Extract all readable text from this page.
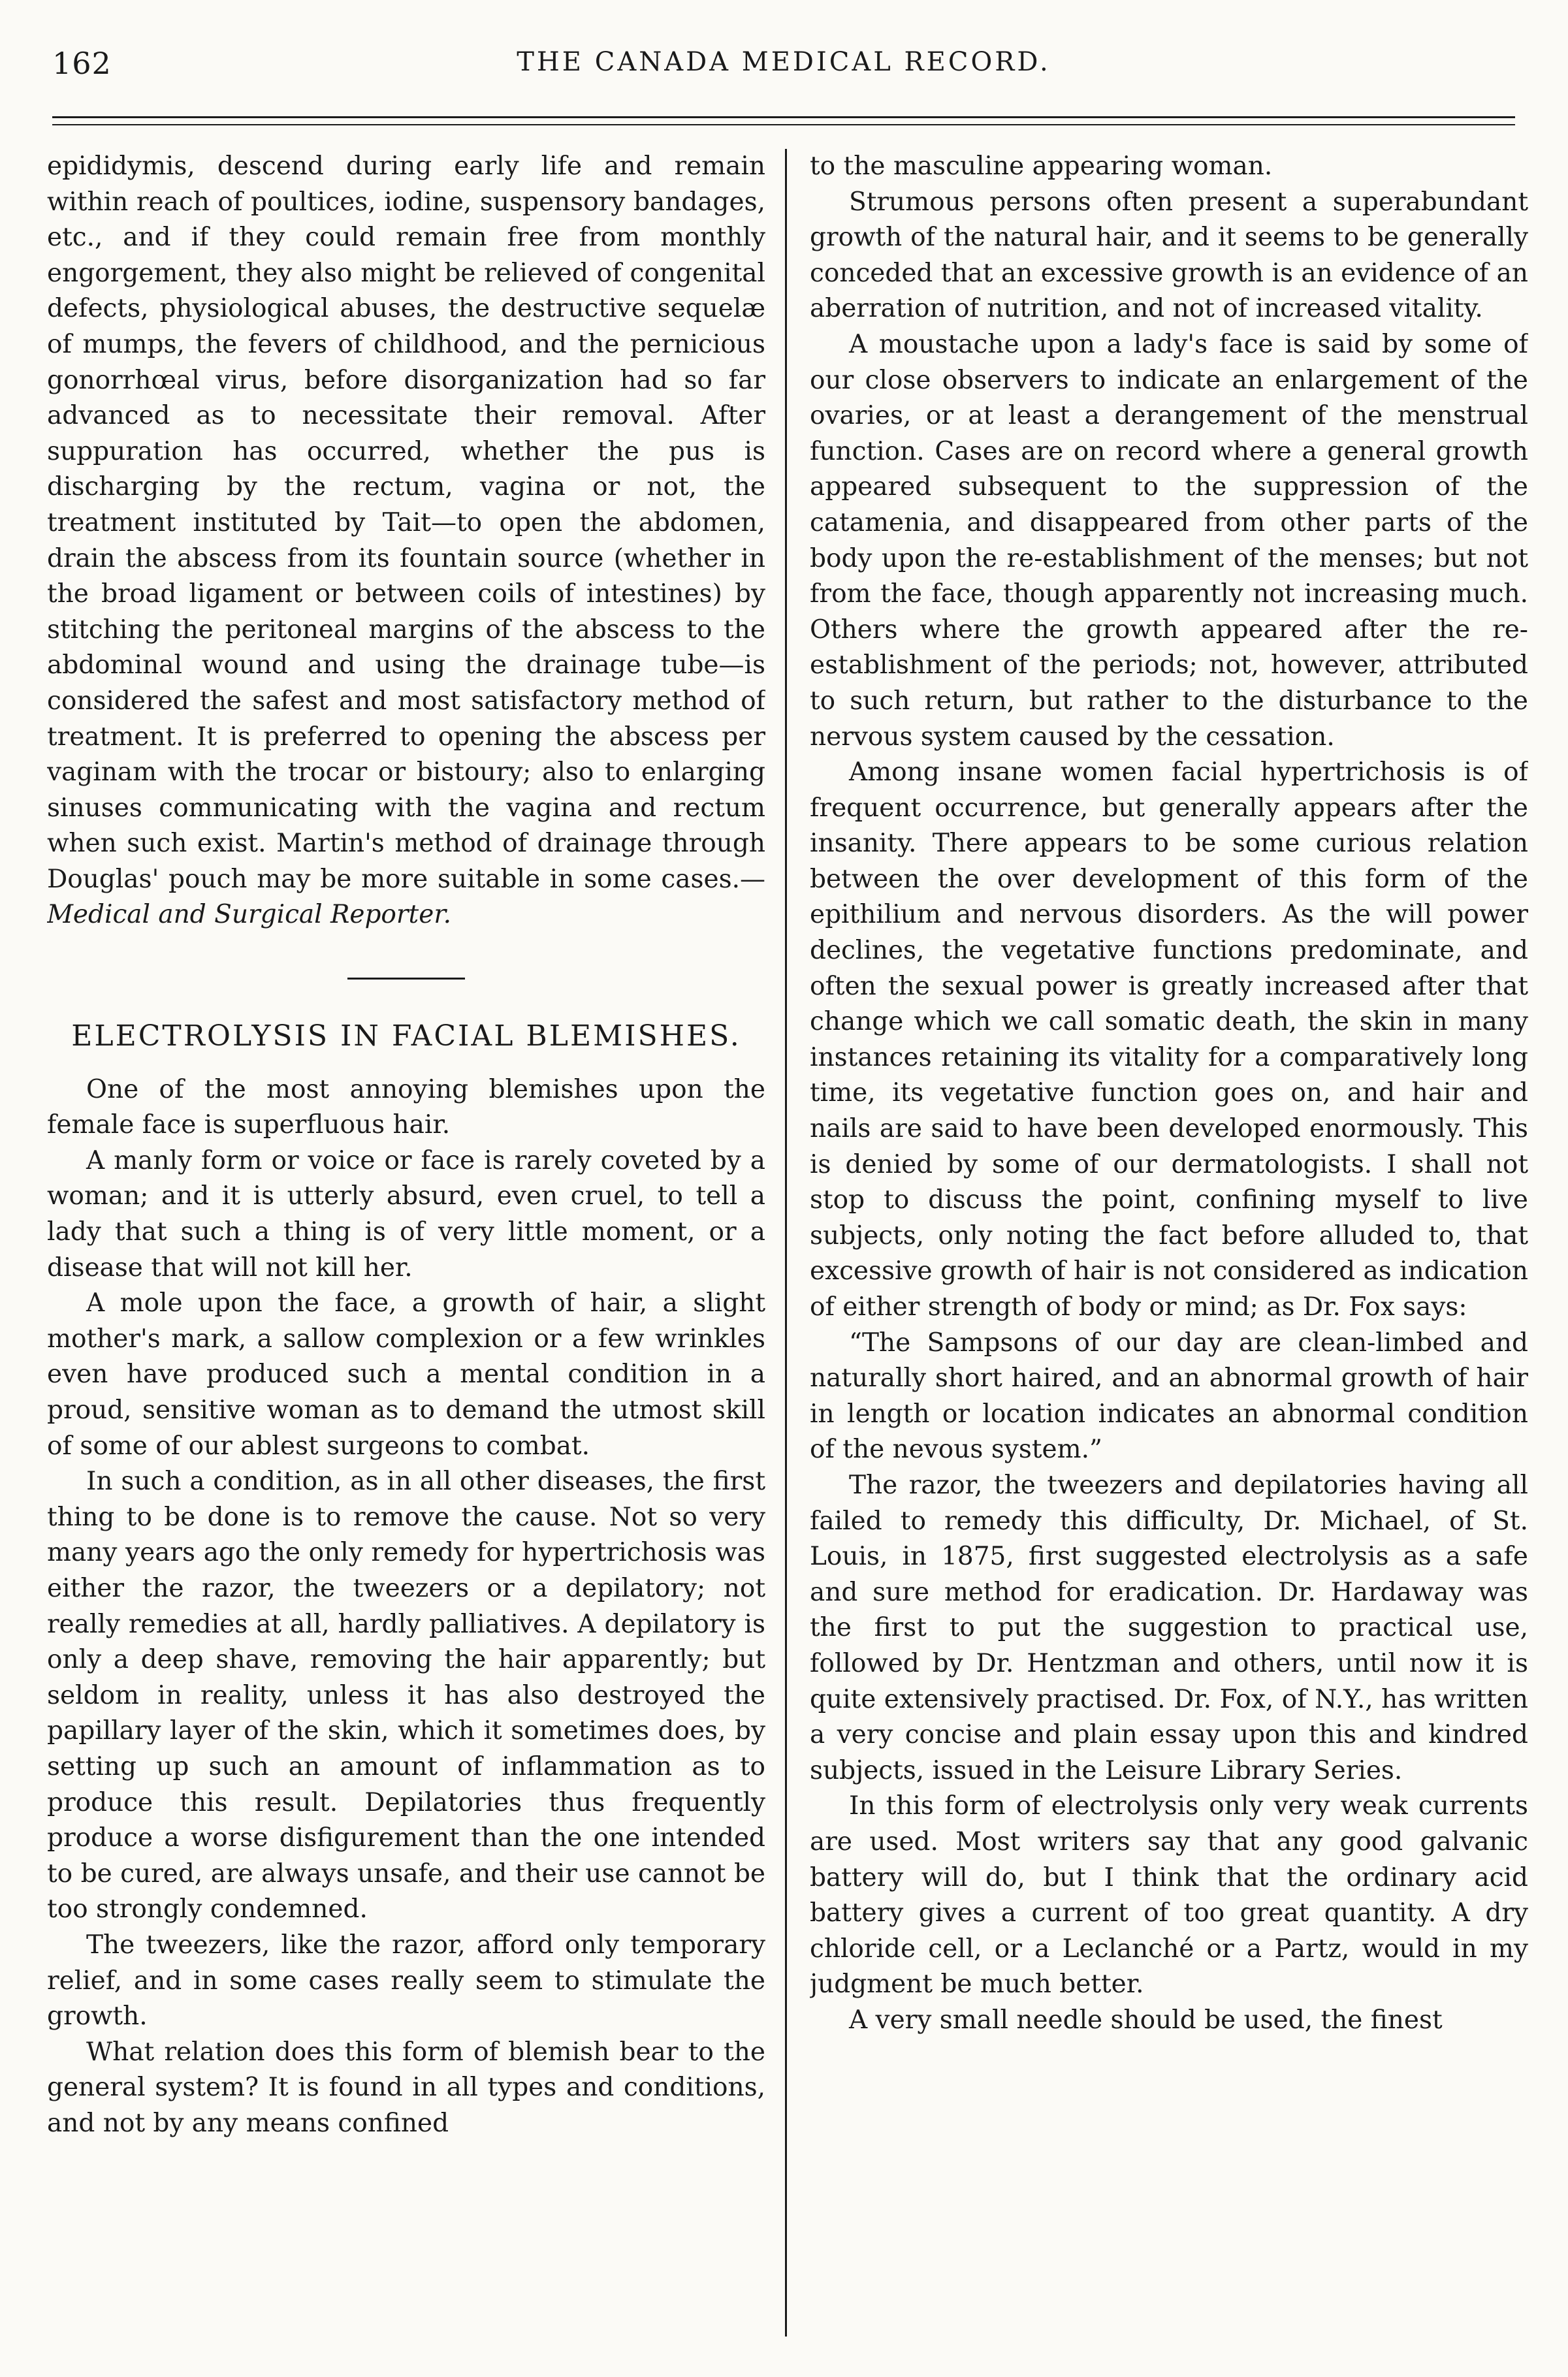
162	THE CANADA MEDICAL RECORD.

epididymis, descend during early life and remain within reach of poultices, iodine, suspensory bandages, etc., and if they could remain free from monthly engorgement, they also might be relieved of congenital defects, physiological abuses, the destructive sequelæ of mumps, the fevers of childhood, and the pernicious gonorrhœal virus, before disorganization had so far advanced as to necessitate their removal. After suppuration has occurred, whether the pus is discharging by the rectum, vagina or not, the treatment instituted by Tait—to open the abdomen, drain the abscess from its fountain source (whether in the broad ligament or between coils of intestines) by stitching the peritoneal margins of the abscess to the abdominal wound and using the drainage tube—is considered the safest and most satisfactory method of treatment. It is preferred to opening the abscess per vaginam with the trocar or bistoury; also to enlarging sinuses communicating with the vagina and rectum when such exist. Martin's method of drainage through Douglas' pouch may be more suitable in some cases.—Medical and Surgical Reporter.

ELECTROLYSIS IN FACIAL BLEMISHES.

One of the most annoying blemishes upon the female face is superfluous hair.

A manly form or voice or face is rarely coveted by a woman; and it is utterly absurd, even cruel, to tell a lady that such a thing is of very little moment, or a disease that will not kill her.

A mole upon the face, a growth of hair, a slight mother's mark, a sallow complexion or a few wrinkles even have produced such a mental condition in a proud, sensitive woman as to demand the utmost skill of some of our ablest surgeons to combat.

In such a condition, as in all other diseases, the first thing to be done is to remove the cause. Not so very many years ago the only remedy for hypertrichosis was either the razor, the tweezers or a depilatory; not really remedies at all, hardly palliatives. A depilatory is only a deep shave, removing the hair apparently; but seldom in reality, unless it has also destroyed the papillary layer of the skin, which it sometimes does, by setting up such an amount of inflammation as to produce this result. Depilatories thus frequently produce a worse disfigurement than the one intended to be cured, are always unsafe, and their use cannot be too strongly condemned.

The tweezers, like the razor, afford only temporary relief, and in some cases really seem to stimulate the growth.

What relation does this form of blemish bear to the general system? It is found in all types and conditions, and not by any means confined

to the masculine appearing woman.

Strumous persons often present a superabundant growth of the natural hair, and it seems to be generally conceded that an excessive growth is an evidence of an aberration of nutrition, and not of increased vitality.

A moustache upon a lady's face is said by some of our close observers to indicate an enlargement of the ovaries, or at least a derangement of the menstrual function. Cases are on record where a general growth appeared subsequent to the suppression of the catamenia, and disappeared from other parts of the body upon the re-establishment of the menses; but not from the face, though apparently not increasing much. Others where the growth appeared after the re-establishment of the periods; not, however, attributed to such return, but rather to the disturbance to the nervous system caused by the cessation.

Among insane women facial hypertrichosis is of frequent occurrence, but generally appears after the insanity. There appears to be some curious relation between the over development of this form of the epithilium and nervous disorders. As the will power declines, the vegetative functions predominate, and often the sexual power is greatly increased after that change which we call somatic death, the skin in many instances retaining its vitality for a comparatively long time, its vegetative function goes on, and hair and nails are said to have been developed enormously. This is denied by some of our dermatologists. I shall not stop to discuss the point, confining myself to live subjects, only noting the fact before alluded to, that excessive growth of hair is not considered as indication of either strength of body or mind; as Dr. Fox says:

“The Sampsons of our day are clean-limbed and naturally short haired, and an abnormal growth of hair in length or location indicates an abnormal condition of the nevous system.”

The razor, the tweezers and depilatories having all failed to remedy this difficulty, Dr. Michael, of St. Louis, in 1875, first suggested electrolysis as a safe and sure method for eradication. Dr. Hardaway was the first to put the suggestion to practical use, followed by Dr. Hentzman and others, until now it is quite extensively practised. Dr. Fox, of N.Y., has written a very concise and plain essay upon this and kindred subjects, issued in the Leisure Library Series.

In this form of electrolysis only very weak currents are used. Most writers say that any good galvanic battery will do, but I think that the ordinary acid battery gives a current of too great quantity. A dry chloride cell, or a Leclanché or a Partz, would in my judgment be much better.

A very small needle should be used, the finest
